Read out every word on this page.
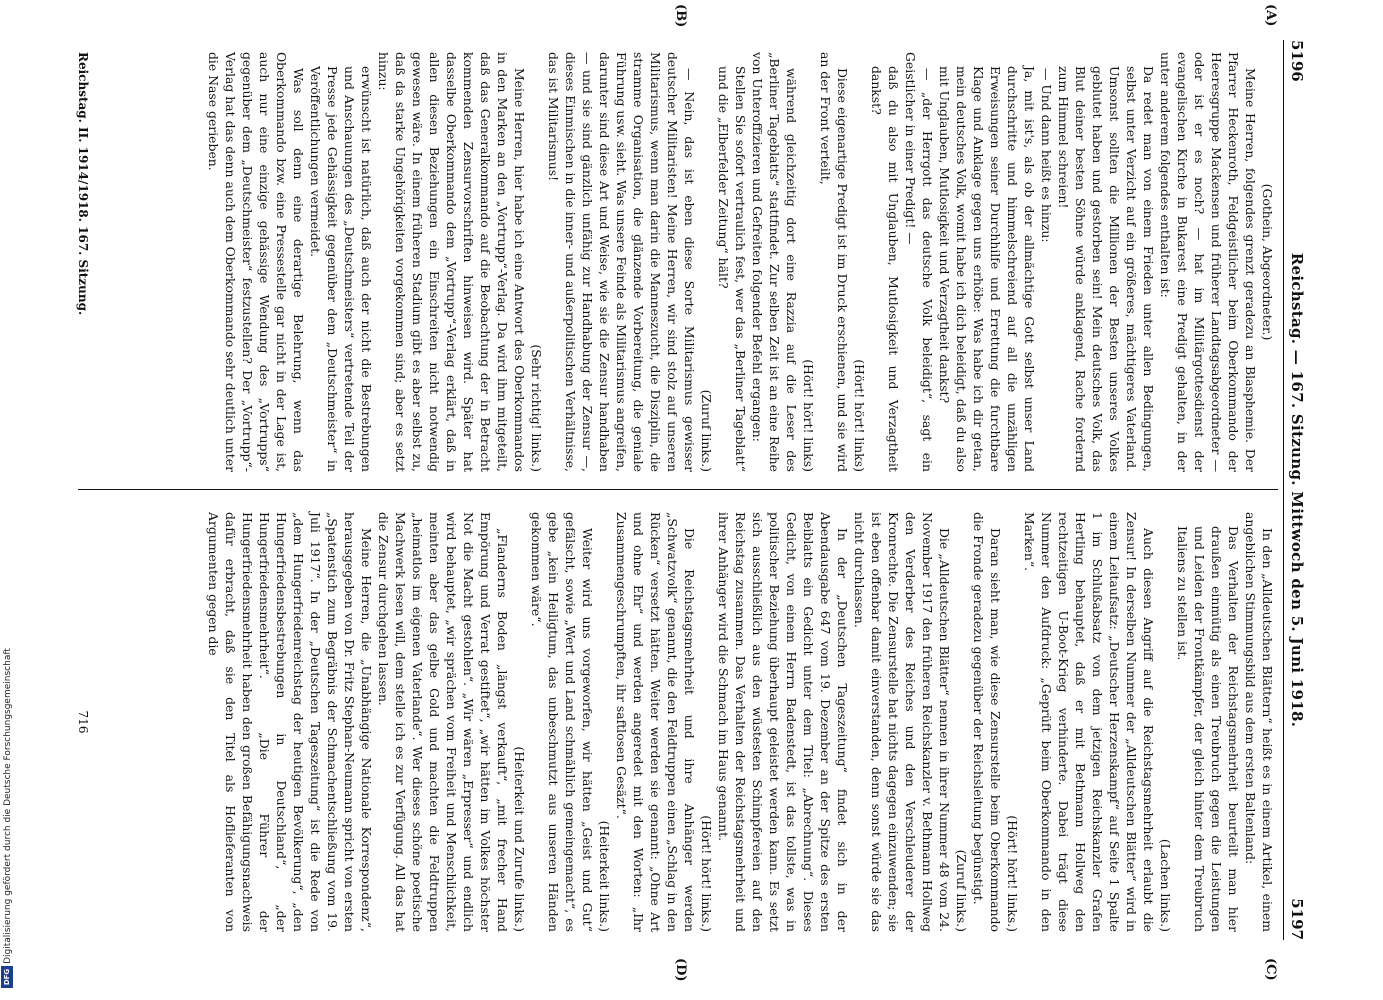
Digitalisierung gefördert durch die Deutsche Forschungsgemeinschaft
DFG
5196
Reichstag. — 167. Sitzung. Mittwoch den 5. Juni 1918.
5197
(A)
(B)
(C)
(D)

(Gothein, Abgeordneter.)

Meine Herren, folgendes grenzt geradezu an Blasphemie. Der Pfarrer Heckenroth, Feldgeistlicher beim Oberkommando der Heeresgruppe Mackensen und früherer Landtagsabgeordneter — oder ist er es noch? — hat im Militärgottesdienst der evangelischen Kirche in Bukarest eine Predigt gehalten, in der unter anderem folgendes enthalten ist:

Da redet man von einem Frieden unter allen Bedingungen, selbst unter Verzicht auf ein größeres, mächtigeres Vaterland. Umsonst sollten die Millionen der Besten unseres Volkes geblutet haben und gestorben sein! Mein deutsches Volk, das Blut deiner besten Söhne würde anklagend, Rache fordernd zum Himmel schreien!

— Und dann heißt es hinzu:

Ja, mit ist's, als ob der allmächtige Gott selbst unser Land durchschritte und himmelschreiend auf all die unzähligen Erweisungen seiner Durchhilfe und Errettung die furchtbare Klage und Anklage gegen uns erhöbe: Was habe ich dir getan, mein deutsches Volk, womit habe ich dich beleidigt, daß du also mit Unglauben, Mutlosigkeit und Verzagtheit dankst?

— „der Herrgott das deutsche Volk beleidigt“, sagt ein Geistlicher in einer Predigt! —

daß du also mit Unglauben, Mutlosigkeit und Verzagtheit dankst?

(Hört! hört! links)

Diese eigenartige Predigt ist im Druck erschienen, und sie wird an der Front verteilt,

(Hört! hört! links)

während gleichzeitig dort eine Razzia auf die Leser des „Berliner Tageblatts“ stattfindet. Zur selben Zeit ist an eine Reihe von Unteroffizieren und Gefreiten folgender Befehl ergangen:

Stellen Sie sofort vertraulich fest, wer das „Berliner Tageblatt“ und die „Elberfelder Zeitung“ hält?

(Zuruf links.)

— Nein, das ist eben diese Sorte Militarismus gewisser deutscher Militaristen! Meine Herren, wir sind stolz auf unseren Militarismus, wenn man darin die Manneszucht, die Disziplin, die stramme Organisation, die glänzende Vorbereitung, die geniale Führung usw. sieht. Was unsere Feinde als Militarismus angreifen, darunter sind diese Art und Weise, wie sie die Zensur handhaben — und sie sind gänzlich unfähig zur Handhabung der Zensur —, dieses Einmischen in die inner- und außerpolitischen Verhältnisse, das ist Militarismus!

(Sehr richtig! links.)

Meine Herren, hier habe ich eine Antwort des Oberkommandos in den Marken an den „Vortrupp“-Verlag. Da wird ihm mitgeteilt, daß das Generalkommando auf die Beobachtung der in Betracht kommenden Zensurvorschriften hinweisen wird. Später hat dasselbe Oberkommando dem „Vortrupp“-Verlag erklärt, daß in allen diesen Beziehungen ein Einschreiten nicht notwendig gewesen wäre. In einem früheren Stadium gibt es aber selbst zu, daß da starke Ungehörigkeiten vorgekommen sind; aber es setzt hinzu:

erwünscht ist natürlich, daß auch der nicht die Bestrebungen und Anschauungen des „Deutschmeisters“ vertretende Teil der Presse jede Gehässigkeit gegenüber dem „Deutschmeister“ in Veröffentlichungen vermeidet.

Was soll denn eine derartige Belehrung, wenn das Oberkommando bzw. eine Pressestelle gar nicht in der Lage ist, auch nur eine einzige gehässige Wendung des „Vortrupps“ gegenüber dem „Deutschmeister“ festzustellen? Der „Vortrupp“-Verlag hat das denn auch dem Oberkommando sehr deutlich unter die Nase gerieben.

In den „Alldeutschen Blättern“ heißt es in einem Artikel, einem angeblichen Stimmungsbild aus dem ersten Baltenland:

Das Verhalten der Reichstagsmehrheit beurteilt man hier draußen einmütig als einen Treubruch gegen die Leistungen und Leiden der Frontkämpfer, der gleich hinter dem Treubruch Italiens zu stellen ist.

(Lachen links.)

Auch diesen Angriff auf die Reichstagsmehrheit erlaubt die Zensur! In derselben Nummer der „Alldeutschen Blätter“ wird in einem Leitaufsatz: „Deutscher Herzenskampf“ auf Seite 1 Spalte 1 im Schlußabsatz von dem jetzigen Reichskanzler Grafen Hertling behauptet, daß er mit Bethmann Hollweg den rechtzeitigen U-Boot-Krieg verhinderte. Dabei trägt diese Nummer den Aufdruck: „Geprüft beim Oberkommando in den Marken“.

(Hört! hört! links.)

Daran sieht man, wie diese Zensurstelle beim Oberkommando die Fronde geradezu gegenüber der Reichsleitung begünstigt.

(Zuruf links.)

Die „Alldeutschen Blätter“ nennen in ihrer Nummer 48 vom 24. November 1917 den früheren Reichskanzler v. Bethmann Hollweg den Verderber des Reiches und den Verschleuderer der Kronrechte. Die Zensurstelle hat nichts dagegen einzuwenden; sie ist eben offenbar damit einverstanden, denn sonst würde sie das nicht durchlassen.

In der „Deutschen Tageszeitung“ findet sich in der Abendausgabe 647 vom 19. Dezember an der Spitze des ersten Beiblatts ein Gedicht unter dem Titel: „Abrechnung“. Dieses Gedicht, von einem Herrn Badenstedt, ist das tollste, was in politischer Beziehung überhaupt geleistet werden kann. Es setzt sich ausschließlich aus den wüstesten Schimpfereien auf den Reichstag zusammen. Das Verhalten der Reichstagsmehrheit und ihrer Anhänger wird die Schmach im Haus genannt.

(Hört! hört! links.)

Die Reichstagsmehrheit und ihre Anhänger werden „Schwatzvolk“ genannt, die den Feldtruppen einen „Schlag in den Rücken“ versetzt hätten. Weiter werden sie genannt: „Ohne Art und ohne Ehr“ und werden angeredet mit den Worten: „Ihr Zusammengeschrumpften, ihr saftlosen Gesäzt“.

(Heiterkeit links.)

Weiter wird uns vorgeworfen, wir hätten „Geist und Gut“ gefälscht, sowie „Wert und Land schmählich gemeingemacht“, es gebe „kein Heiligtum, das unbeschmutzt aus unseren Händen gekommen wäre“.

(Heiterkeit und Zurufe links.)

„Flanderns Boden „längst verkauft“, „mit frecher Hand Empörung und Verrat gestiftet“, „wir hätten im Volkes höchster Not die Macht gestohlen“. „Wir wären „Erpresser“ und endlich wird behauptet, „wir sprächen vom Freiheit und Menschlichkeit, meinten aber das gelbe Gold und machten die Feldtruppen „heimatlos im eigenen Vaterlande“. Wer dieses schöne poetische Machwerk lesen will, dem stelle ich es zur Verfügung. All das hat die Zensur durchgehen lassen.

Meine Herren, die „Unabhängige Nationale Korrespondenz“, herausgegeben von Dr. Fritz Stephan-Neumann spricht von ersten „Spatenstich zum Begräbnis der Schmachentschließung vom 19. Juli 1917“. In der „Deutschen Tageszeitung“ ist die Rede von „dem Hungerfriedenreichstag der heutigen Bevölkerung“, „den Hungerfriedensbestrebungen in Deutschland“, „der Hungerfriedensmehrheit“. „Die Führer der Hungerfriedensmehrheit haben den großen Befähigungsnachweis dafür erbracht, daß sie den Titel als Hoflieferanten von Argumenten gegen die

Reichstag. II. 1914/1918. 167. Sitzung.
716
